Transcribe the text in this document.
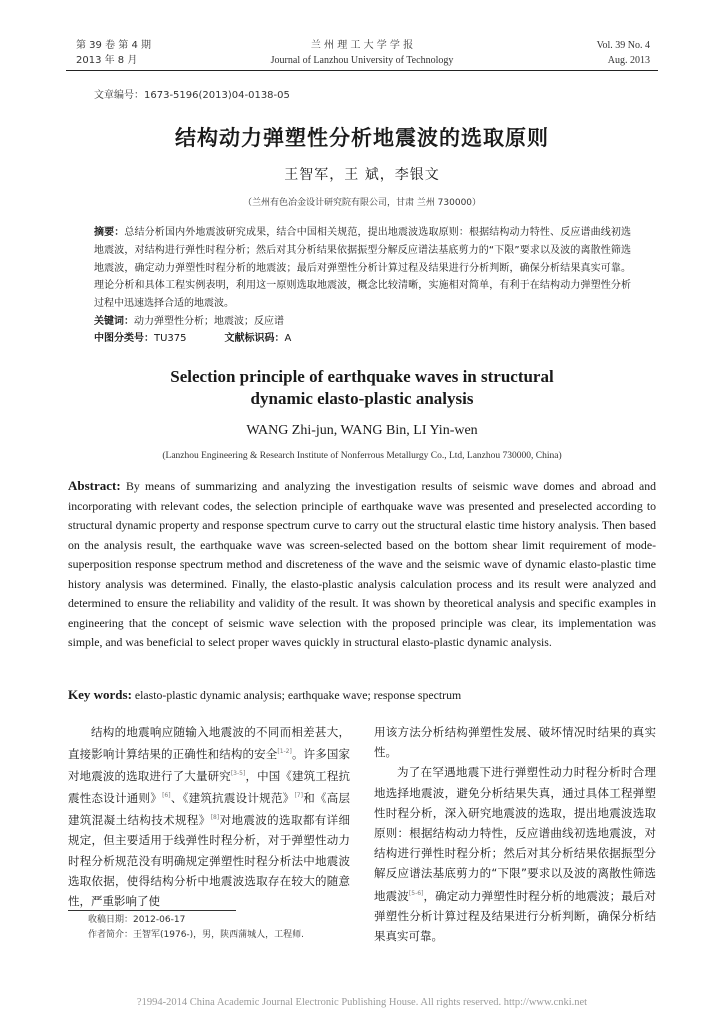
第 39 卷 第 4 期
2013 年 8 月
兰 州 理 工 大 学 学 报
Journal of Lanzhou University of Technology
Vol. 39 No. 4
Aug. 2013
文章编号：1673-5196(2013)04-0138-05
结构动力弹塑性分析地震波的选取原则
王智军，王 斌，李银文
（兰州有色冶金设计研究院有限公司，甘肃 兰州 730000）
摘要：总结分析国内外地震波研究成果，结合中国相关规范，提出地震波选取原则：根据结构动力特性、反应谱曲线初选地震波，对结构进行弹性时程分析；然后对其分析结果依据振型分解反应谱法基底剪力的“下限”要求以及波的离散性筛选地震波，确定动力弹塑性时程分析的地震波；最后对弹塑性分析计算过程及结果进行分析判断，确保分析结果真实可靠。理论分析和具体工程实例表明，利用这一原则选取地震波，概念比较清晰，实施相对简单，有利于在结构动力弹塑性分析过程中迅速选择合适的地震波。
关键词：动力弹塑性分析；地震波；反应谱
中图分类号：TU375	文献标识码：A
Selection principle of earthquake waves in structural
dynamic elasto-plastic analysis
WANG Zhi-jun, WANG Bin, LI Yin-wen
(Lanzhou Engineering & Research Institute of Nonferrous Metallurgy Co., Ltd, Lanzhou 730000, China)
Abstract: By means of summarizing and analyzing the investigation results of seismic wave domes and abroad and incorporating with relevant codes, the selection principle of earthquake wave was presented and preselected according to structural dynamic property and response spectrum curve to carry out the structural elastic time history analysis. Then based on the analysis result, the earthquake wave was screen-selected based on the bottom shear limit requirement of mode-superposition response spectrum method and discreteness of the wave and the seismic wave of dynamic elasto-plastic time history analysis was determined. Finally, the elasto-plastic analysis calculation process and its result were analyzed and determined to ensure the reliability and validity of the result. It was shown by theoretical analysis and specific examples in engineering that the concept of seismic wave selection with the proposed principle was clear, its implementation was simple, and was beneficial to select proper waves quickly in structural elasto-plastic dynamic analysis.
Key words: elasto-plastic dynamic analysis; earthquake wave; response spectrum
结构的地震响应随输入地震波的不同而相差甚大，直接影响计算结果的正确性和结构的安全[1-2]。许多国家对地震波的选取进行了大量研究[3-5]，中国《建筑工程抗震性态设计通则》[6]、《建筑抗震设计规范》[7]和《高层建筑混凝土结构技术规程》[8]对地震波的选取都有详细规定，但主要适用于线弹性时程分析，对于弹塑性动力时程分析规范没有明确规定弹塑性时程分析法中地震波选取依据，使得结构分析中地震波选取存在较大的随意性，严重影响了使
收稿日期：2012-06-17
作者简介：王智军(1976-)，男，陕西蒲城人，工程师.
用该方法分析结构弹塑性发展、破坏情况时结果的真实性。
为了在罕遇地震下进行弹塑性动力时程分析时合理地选择地震波，避免分析结果失真，通过具体工程弹塑性时程分析，深入研究地震波的选取，提出地震波选取原则：根据结构动力特性，反应谱曲线初选地震波，对结构进行弹性时程分析；然后对其分析结果依据振型分解反应谱法基底剪力的“下限”要求以及波的离散性筛选地震波[5-6]，确定动力弹塑性时程分析的地震波；最后对弹塑性分析计算过程及结果进行分析判断，确保分析结果真实可靠。
?1994-2014 China Academic Journal Electronic Publishing House. All rights reserved. http://www.cnki.net
